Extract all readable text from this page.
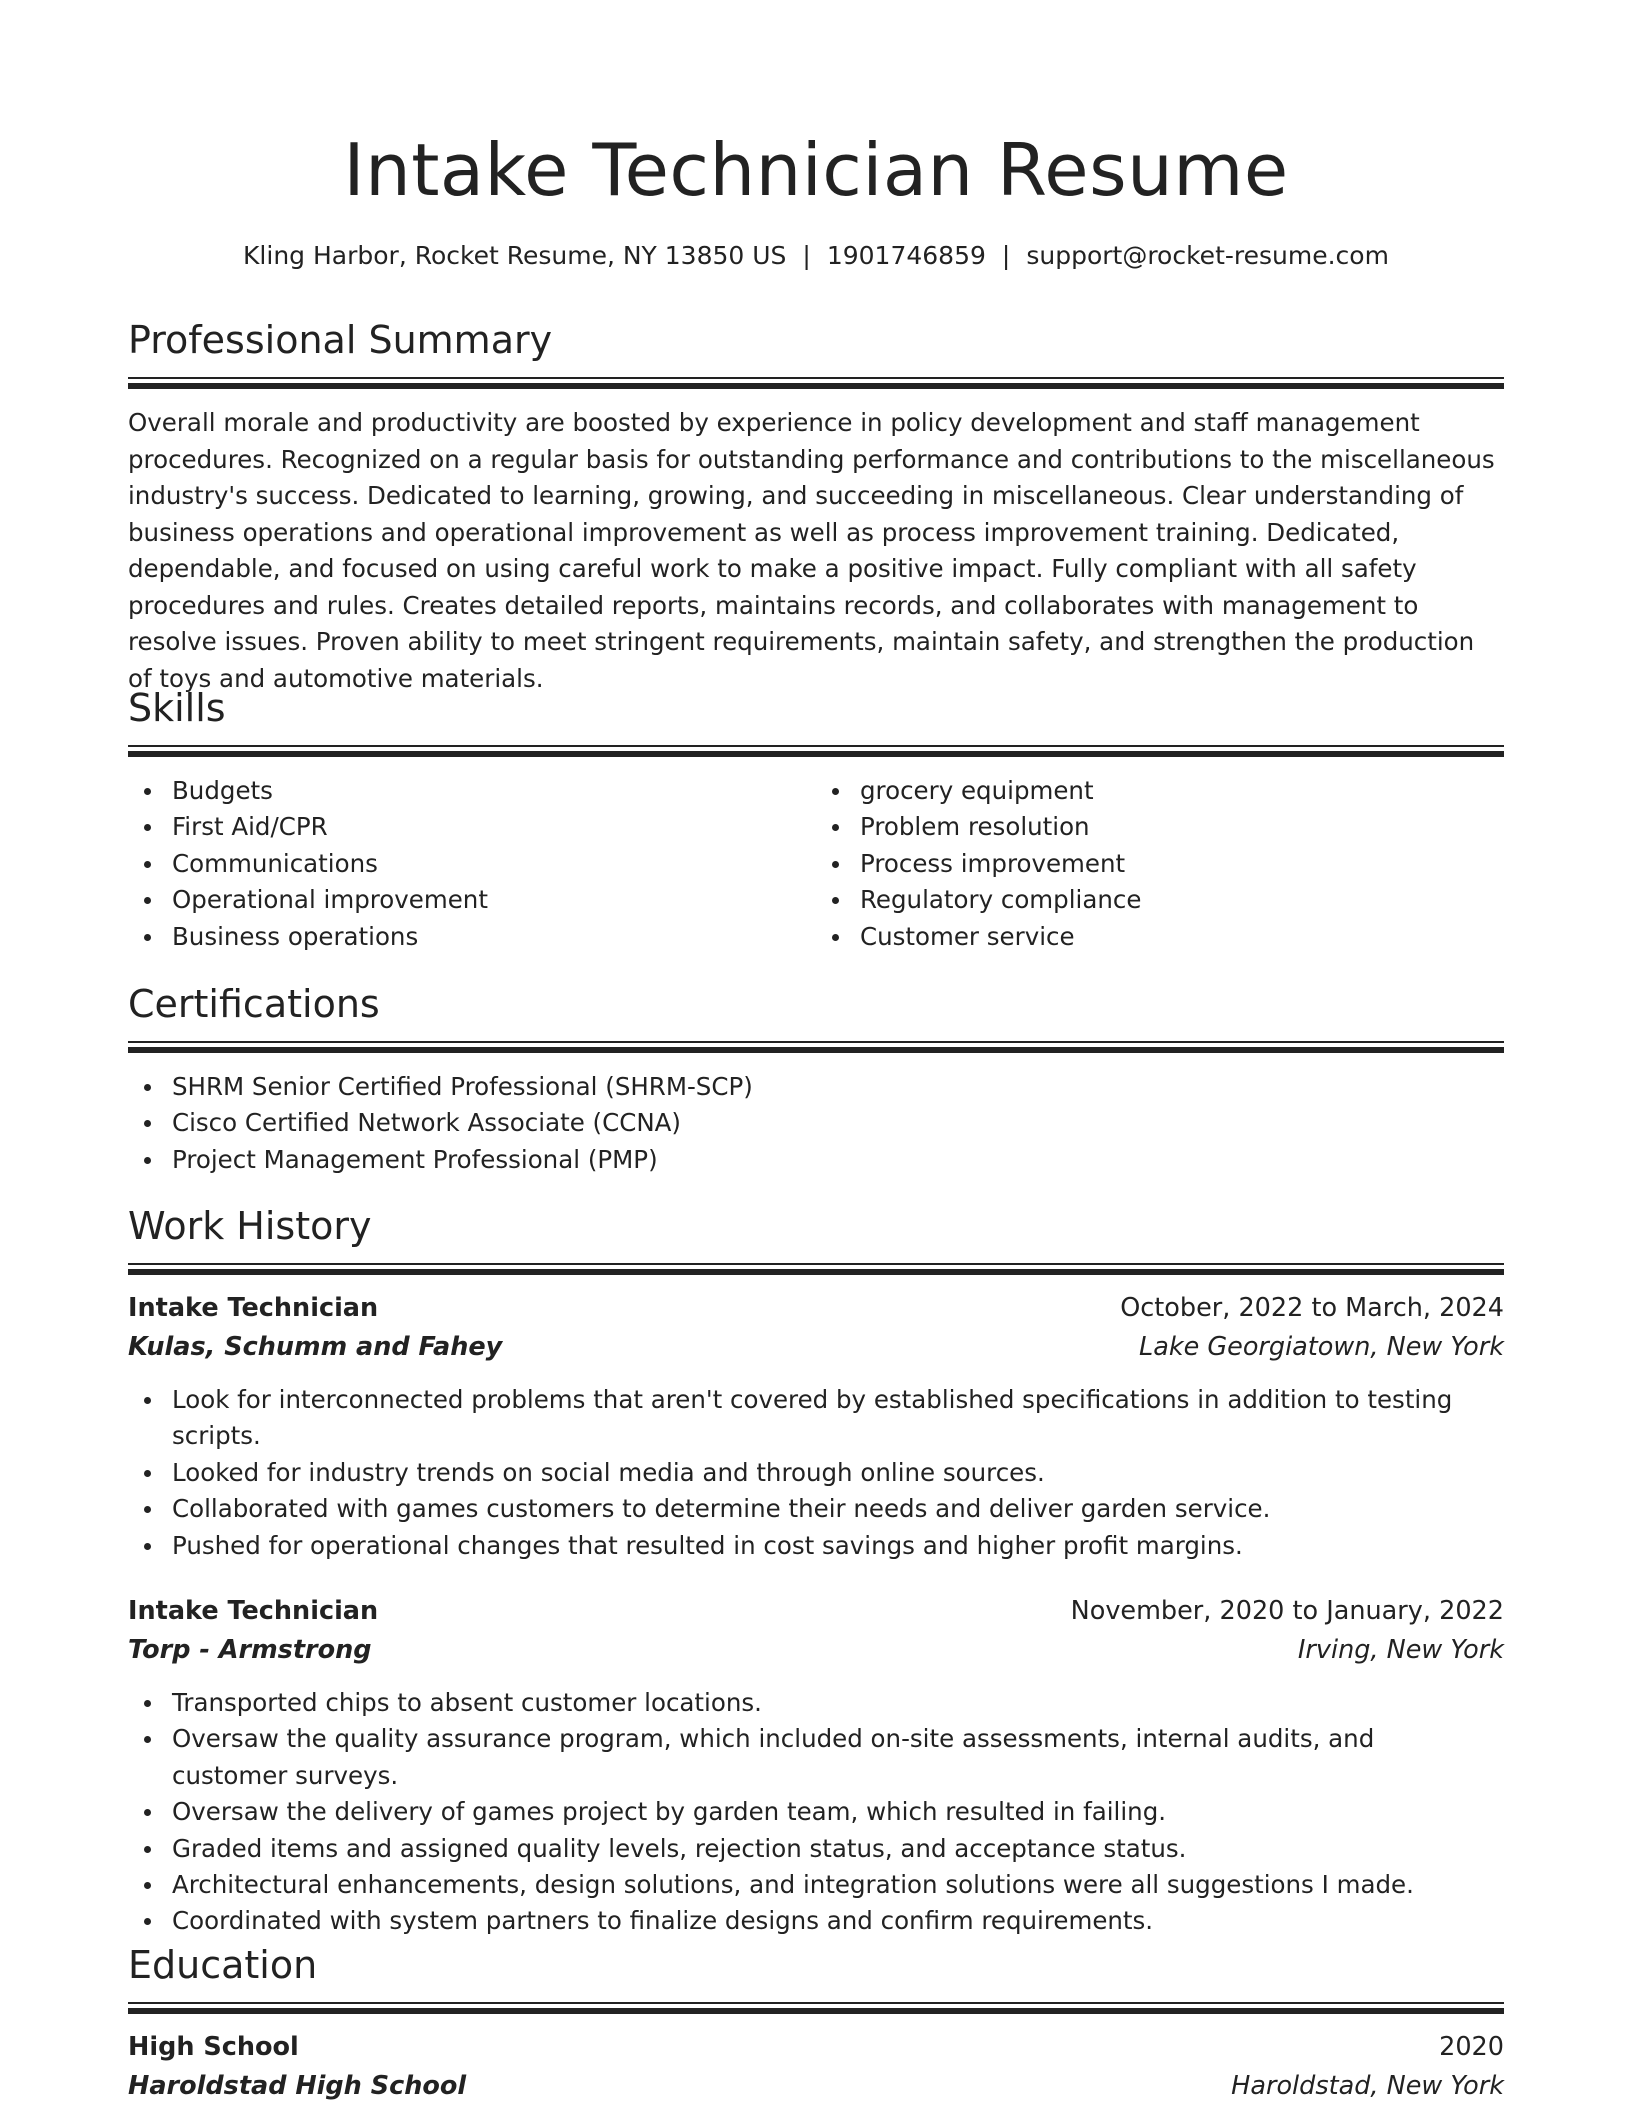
Intake Technician Resume
Kling Harbor, Rocket Resume, NY 13850 US | 1901746859 | support@rocket-resume.com
Professional Summary

Overall morale and productivity are boosted by experience in policy development and staff management procedures. Recognized on a regular basis for outstanding performance and contributions to the miscellaneous industry's success. Dedicated to learning, growing, and succeeding in miscellaneous. Clear understanding of business operations and operational improvement as well as process improvement training. Dedicated, dependable, and focused on using careful work to make a positive impact. Fully compliant with all safety procedures and rules. Creates detailed reports, maintains records, and collaborates with management to resolve issues. Proven ability to meet stringent requirements, maintain safety, and strengthen the production of toys and automotive materials.

Skills
Budgets
First Aid/CPR
Communications
Operational improvement
Business operations
grocery equipment
Problem resolution
Process improvement
Regulatory compliance
Customer service
Certifications
SHRM Senior Certified Professional (SHRM-SCP)
Cisco Certified Network Associate (CCNA)
Project Management Professional (PMP)
Work History
Intake Technician	October, 2022 to March, 2024
Kulas, Schumm and Fahey	Lake Georgiatown, New York
Look for interconnected problems that aren't covered by established specifications in addition to testing scripts.
Looked for industry trends on social media and through online sources.
Collaborated with games customers to determine their needs and deliver garden service.
Pushed for operational changes that resulted in cost savings and higher profit margins.
Intake Technician	November, 2020 to January, 2022
Torp - Armstrong	Irving, New York
Transported chips to absent customer locations.
Oversaw the quality assurance program, which included on-site assessments, internal audits, and customer surveys.
Oversaw the delivery of games project by garden team, which resulted in failing.
Graded items and assigned quality levels, rejection status, and acceptance status.
Architectural enhancements, design solutions, and integration solutions were all suggestions I made.
Coordinated with system partners to finalize designs and confirm requirements.
Education
High School	2020
Haroldstad High School	Haroldstad, New York
